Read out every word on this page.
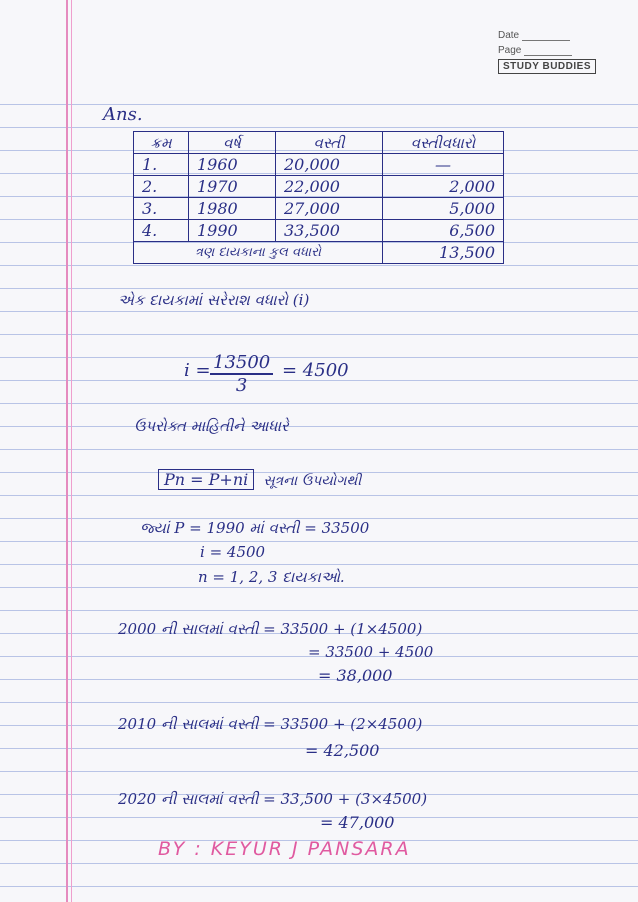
Date
Page
STUDY BUDDIES
Ans.
ક્રમ	વર્ષ	વસ્તી	વસ્તીવધારો
1.	1960	20,000	—
2.	1970	22,000	2,000
3.	1980	27,000	5,000
4.	1990	33,500	6,500
ત્રણ દાયકાના કુલ વધારો			13,500
એક દાયકામાં સરેરાશ વધારો (i)
$i = \frac{13500}{3} = 4500$
ઉપરોક્ત માહિતીને આધારે
Pn = P+ni સૂત્રના ઉપયોગથી
જ્યાં P = 1990 માં વસ્તી = 33500
i = 4500
n = 1, 2, 3 દાયકાઓ.
2000 ની સાલમાં વસ્તી = 33500 + (1×4500)
= 33500 + 4500
= 38,000
2010 ની સાલમાં વસ્તી = 33500 + (2×4500)
= 42,500
2020 ની સાલમાં વસ્તી = 33,500 + (3×4500)
= 47,000
BY : KEYUR J PANSARA
